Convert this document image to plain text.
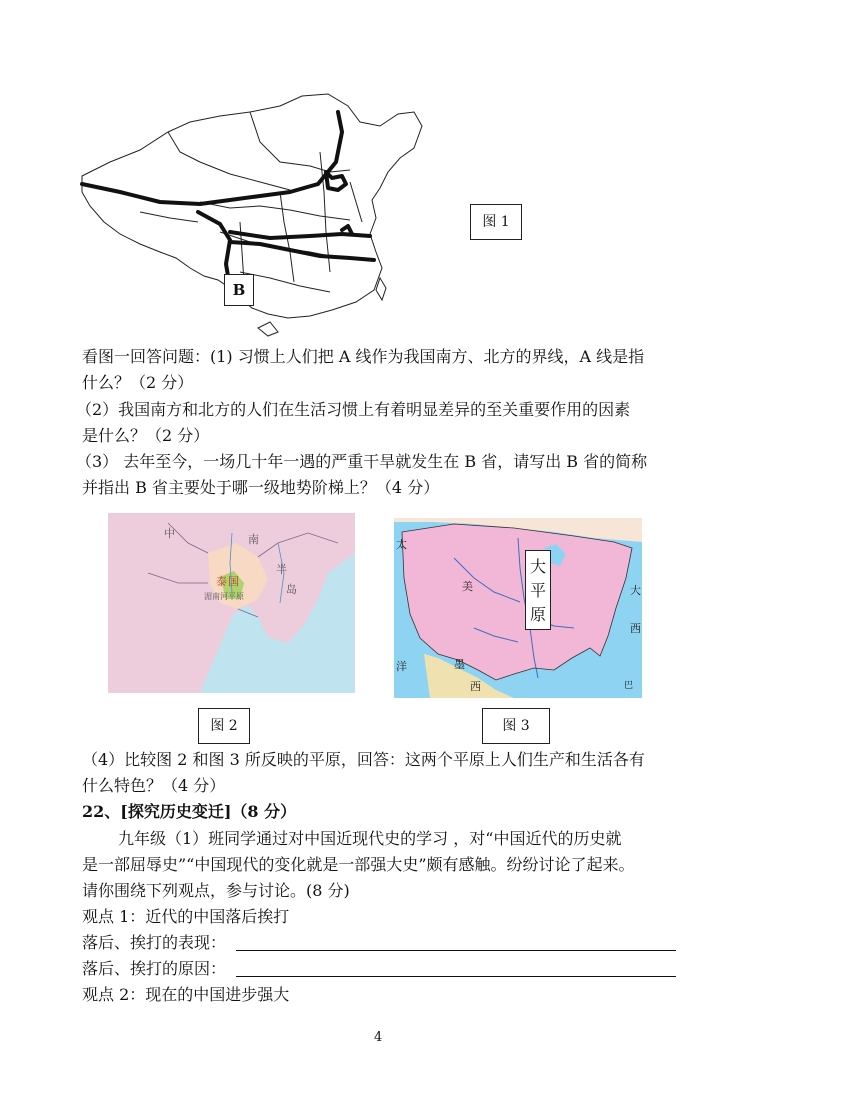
B
图 1
看图一回答问题：(1) 习惯上人们把 A 线作为我国南方、北方的界线，A 线是指
什么？（2 分）
（2）我国南方和北方的人们在生活习惯上有着明显差异的至关重要作用的因素
是什么？（2 分）
（3） 去年至今，一场几十年一遇的严重干旱就发生在 B 省，请写出 B 省的简称
并指出 B 省主要处于哪一级地势阶梯上？（4 分）
中	南
半
岛
泰 国
湄南河平原
太
美	大
西
洋	墨
西	巴
大
平
原
图 2	图 3
（4）比较图 2 和图 3 所反映的平原，回答：这两个平原上人们生产和生活各有
什么特色？（4 分）
22、[探究历史变迁]（8 分）
九年级（1）班同学通过对中国近现代史的学习 ，对“中国近代的历史就
是一部屈辱史”“中国现代的变化就是一部强大史”颇有感触。纷纷讨论了起来。
请你围绕下列观点，参与讨论。(8 分)
观点 1：近代的中国落后挨打
落后、挨打的表现：
落后、挨打的原因：
观点 2：现在的中国进步强大
4
